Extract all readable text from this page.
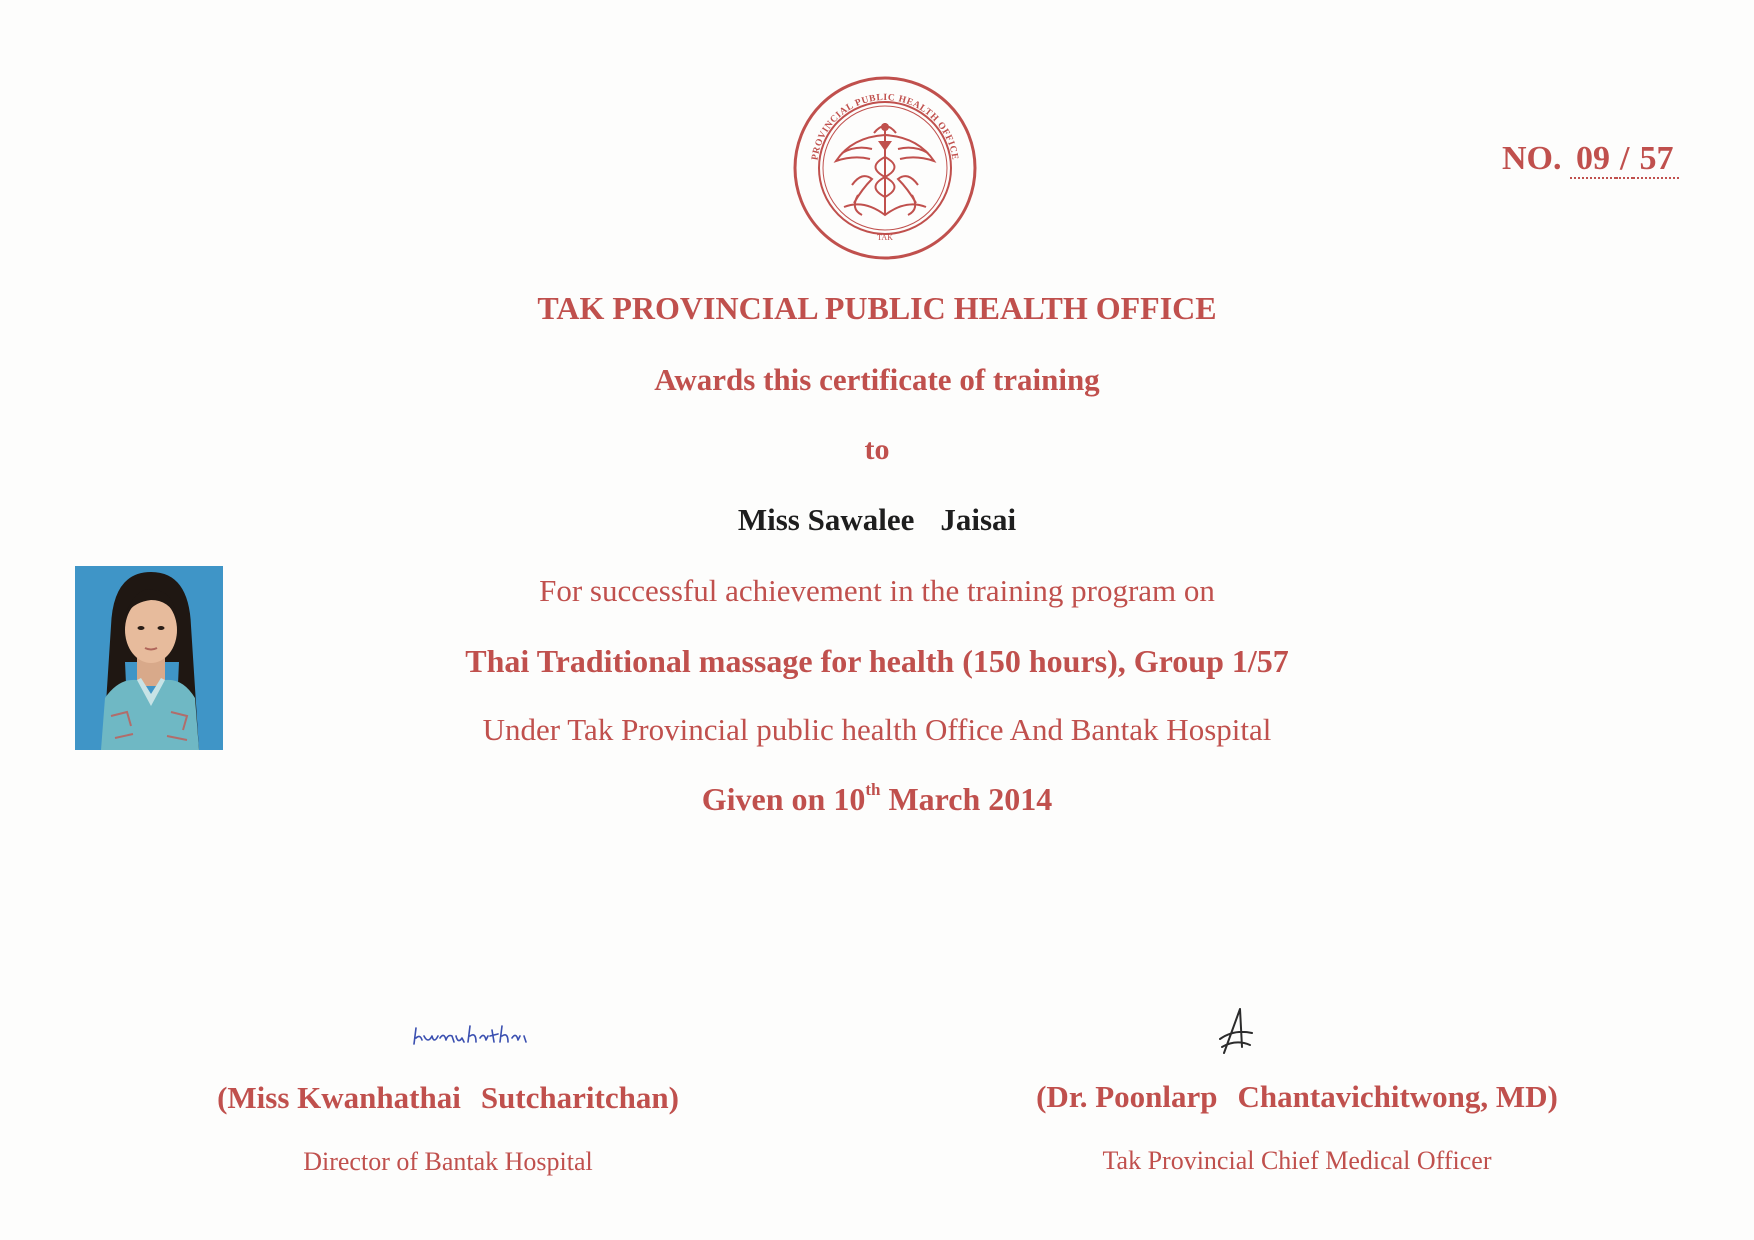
PROVINCIAL PUBLIC HEALTH OFFICE
TAK
NO. 09 / 57
TAK PROVINCIAL PUBLIC HEALTH OFFICE
Awards this certificate of training
to
Miss Sawalee Jaisai
For successful achievement in the training program on
Thai Traditional massage for health (150 hours), Group 1/57
Under Tak Provincial public health Office And Bantak Hospital
Given on 10th March 2014
(Miss Kwanhathai Sutcharitchan)
Director of Bantak Hospital
(Dr. Poonlarp Chantavichitwong, MD)
Tak Provincial Chief Medical Officer
